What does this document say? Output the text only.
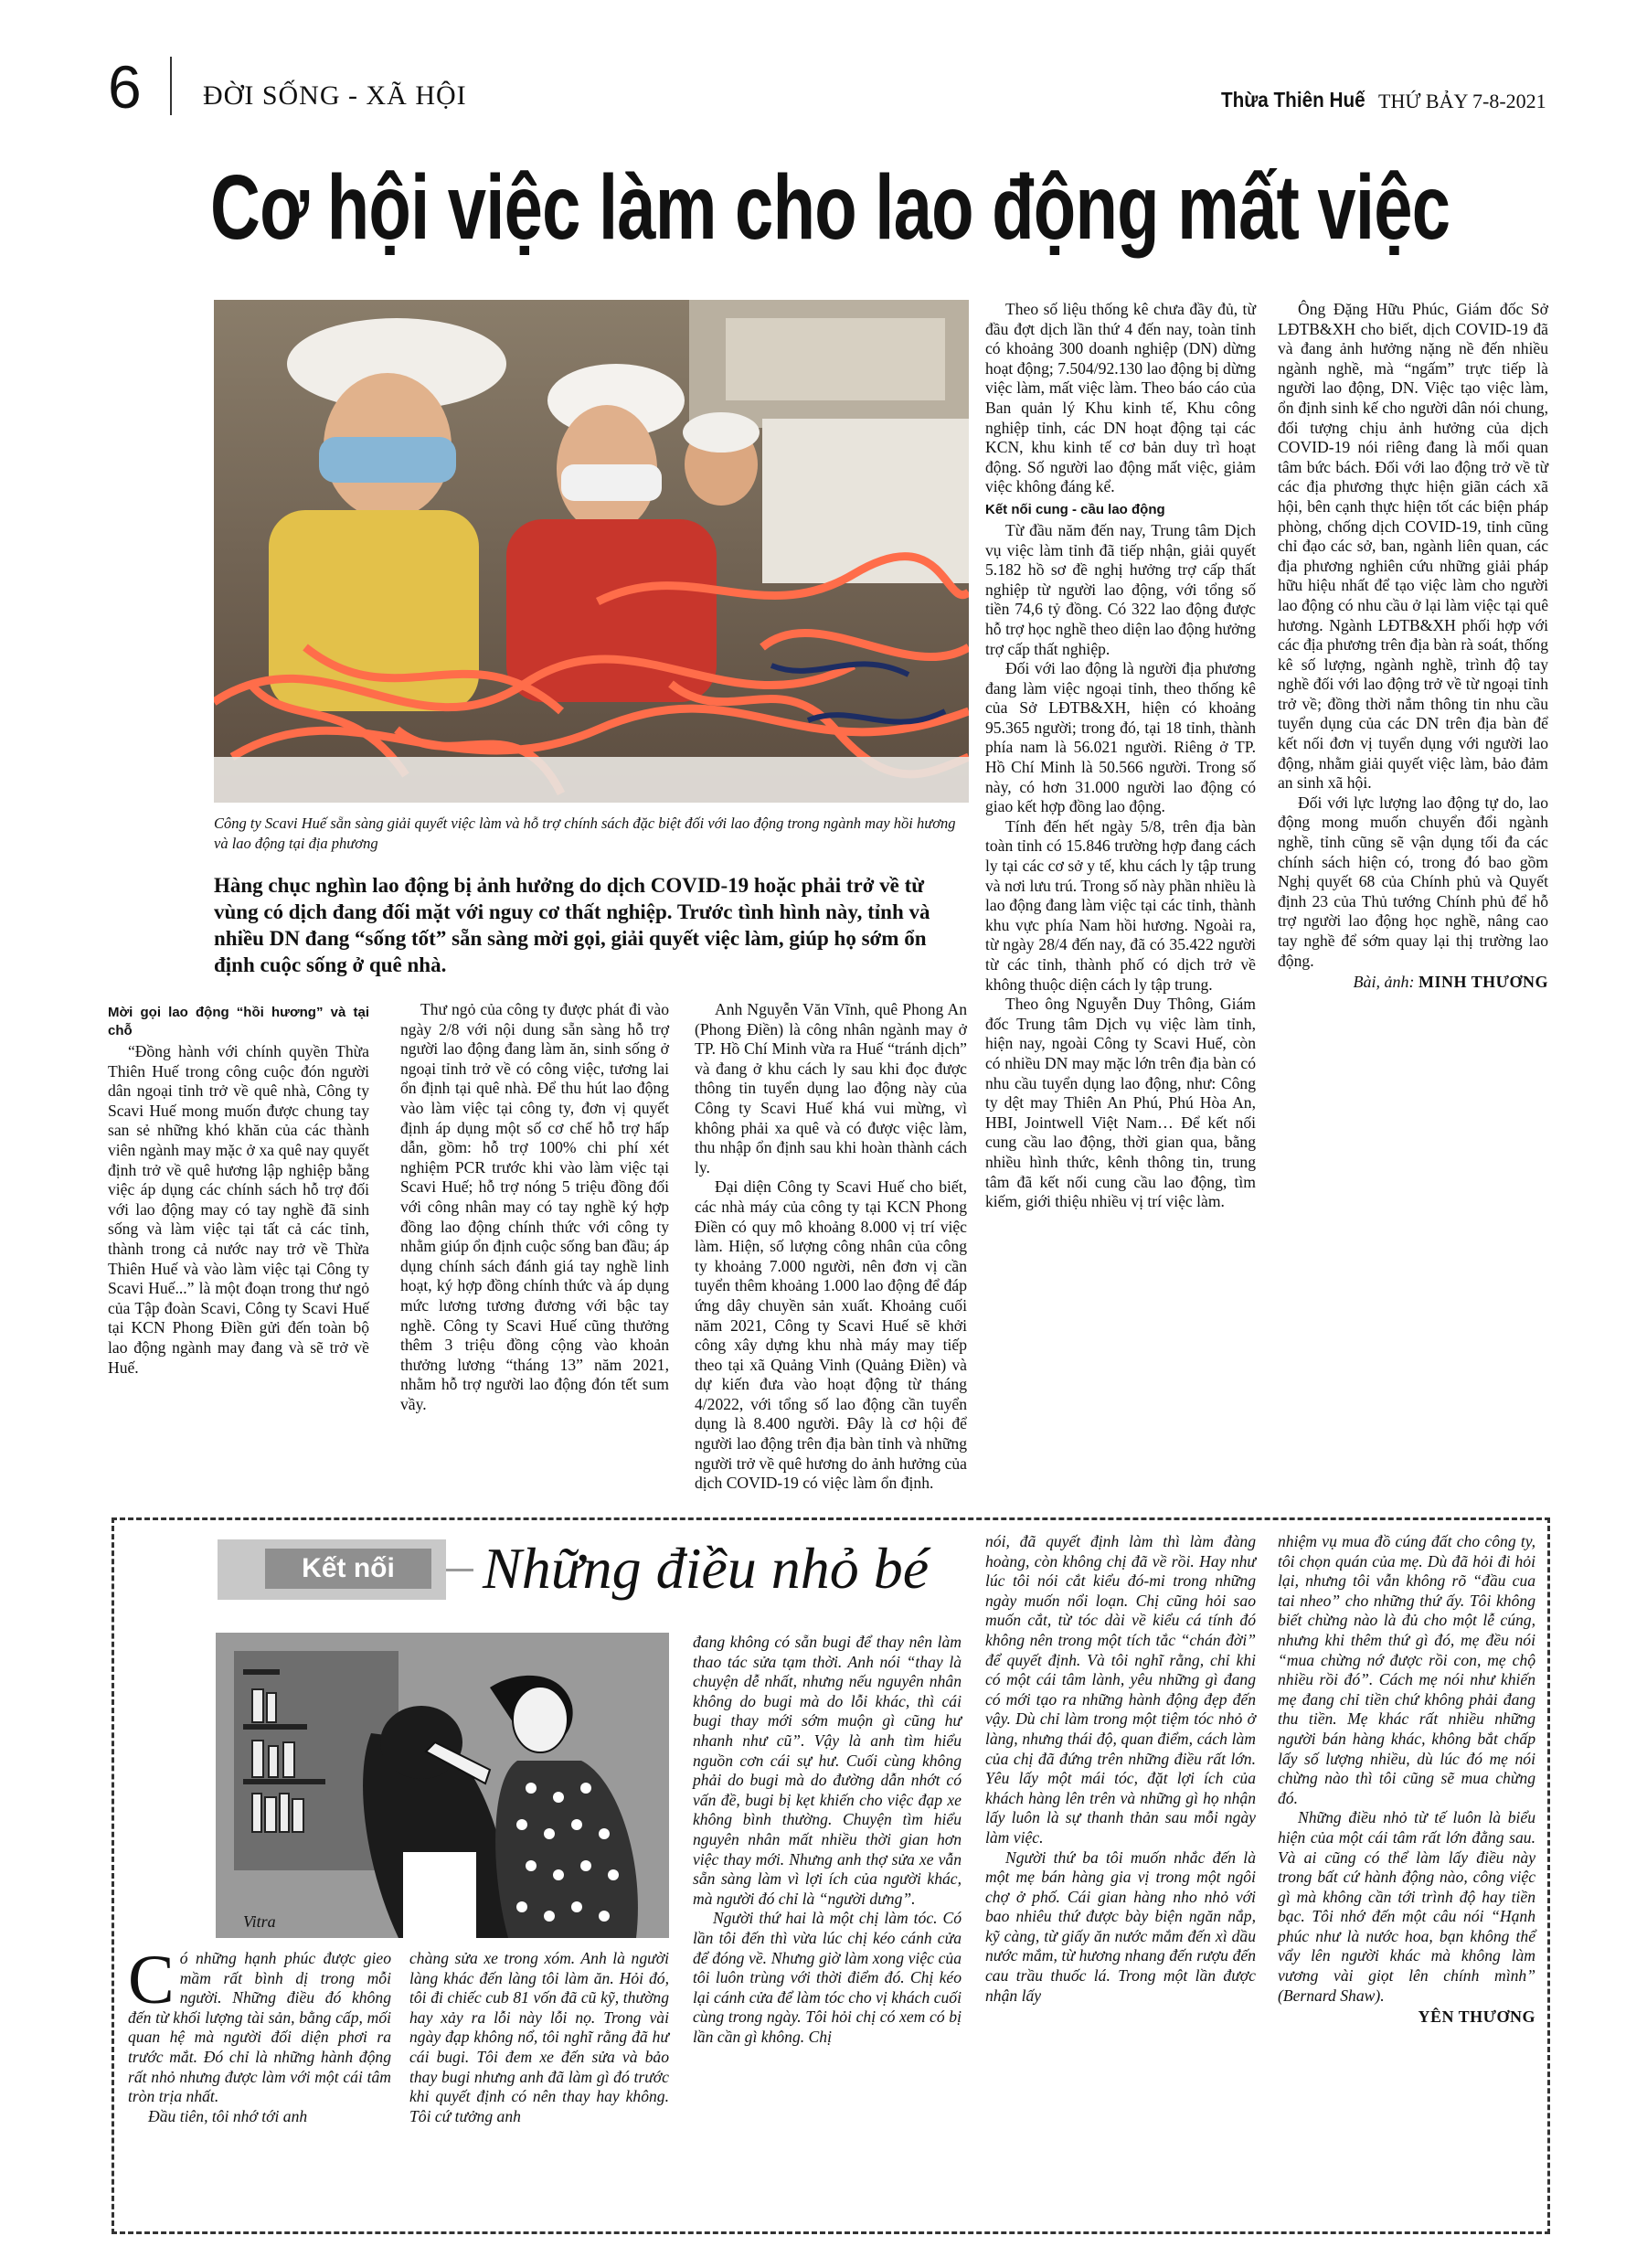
6 ĐỜI SỐNG - XÃ HỘI	Thừa Thiên Huế THỨ BẢY 7-8-2021
Cơ hội việc làm cho lao động mất việc
Công ty Scavi Huế sẵn sàng giải quyết việc làm và hỗ trợ chính sách đặc biệt đối với lao động trong ngành may hồi hương và lao động tại địa phương
Hàng chục nghìn lao động bị ảnh hưởng do dịch COVID-19 hoặc phải trở về từ vùng có dịch đang đối mặt với nguy cơ thất nghiệp. Trước tình hình này, tỉnh và nhiều DN đang “sống tốt” sẵn sàng mời gọi, giải quyết việc làm, giúp họ sớm ổn định cuộc sống ở quê nhà.
Mời gọi lao động “hồi hương” và tại chỗ

“Đồng hành với chính quyền Thừa Thiên Huế trong công cuộc đón người dân ngoại tỉnh trở về quê nhà, Công ty Scavi Huế mong muốn được chung tay san sẻ những khó khăn của các thành viên ngành may mặc ở xa quê nay quyết định trở về quê hương lập nghiệp bằng việc áp dụng các chính sách hỗ trợ đối với lao động may có tay nghề đã sinh sống và làm việc tại tất cả các tỉnh, thành trong cả nước nay trở về Thừa Thiên Huế và vào làm việc tại Công ty Scavi Huế...” là một đoạn trong thư ngỏ của Tập đoàn Scavi, Công ty Scavi Huế tại KCN Phong Điền gửi đến toàn bộ lao động ngành may đang và sẽ trở về Huế.

Thư ngỏ của công ty được phát đi vào ngày 2/8 với nội dung sẵn sàng hỗ trợ người lao động đang làm ăn, sinh sống ở ngoại tỉnh trở về có công việc, tương lai ổn định tại quê nhà. Để thu hút lao động vào làm việc tại công ty, đơn vị quyết định áp dụng một số cơ chế hỗ trợ hấp dẫn, gồm: hỗ trợ 100% chi phí xét nghiệm PCR trước khi vào làm việc tại Scavi Huế; hỗ trợ nóng 5 triệu đồng đối với công nhân may có tay nghề ký hợp đồng lao động chính thức với công ty nhằm giúp ổn định cuộc sống ban đầu; áp dụng chính sách đánh giá tay nghề linh hoạt, ký hợp đồng chính thức và áp dụng mức lương tương đương với bậc tay nghề. Công ty Scavi Huế cũng thưởng thêm 3 triệu đồng cộng vào khoản thưởng lương “tháng 13” năm 2021, nhằm hỗ trợ người lao động đón tết sum vầy.

Anh Nguyễn Văn Vĩnh, quê Phong An (Phong Điền) là công nhân ngành may ở TP. Hồ Chí Minh vừa ra Huế “tránh dịch” và đang ở khu cách ly sau khi đọc được thông tin tuyển dụng lao động này của Công ty Scavi Huế khá vui mừng, vì không phải xa quê và có được việc làm, thu nhập ổn định sau khi hoàn thành cách ly.

Đại diện Công ty Scavi Huế cho biết, các nhà máy của công ty tại KCN Phong Điền có quy mô khoảng 8.000 vị trí việc làm. Hiện, số lượng công nhân của công ty khoảng 7.000 người, nên đơn vị cần tuyển thêm khoảng 1.000 lao động để đáp ứng dây chuyền sản xuất. Khoảng cuối năm 2021, Công ty Scavi Huế sẽ khởi công xây dựng khu nhà máy may tiếp theo tại xã Quảng Vinh (Quảng Điền) và dự kiến đưa vào hoạt động từ tháng 4/2022, với tổng số lao động cần tuyển dụng là 8.400 người. Đây là cơ hội để người lao động trên địa bàn tỉnh và những người trở về quê hương do ảnh hưởng của dịch COVID-19 có việc làm ổn định.

Theo số liệu thống kê chưa đầy đủ, từ đầu đợt dịch lần thứ 4 đến nay, toàn tỉnh có khoảng 300 doanh nghiệp (DN) dừng hoạt động; 7.504/92.130 lao động bị dừng việc làm, mất việc làm. Theo báo cáo của Ban quản lý Khu kinh tế, Khu công nghiệp tỉnh, các DN hoạt động tại các KCN, khu kinh tế cơ bản duy trì hoạt động. Số người lao động mất việc, giảm việc không đáng kể.

Kết nối cung - cầu lao động

Từ đầu năm đến nay, Trung tâm Dịch vụ việc làm tỉnh đã tiếp nhận, giải quyết 5.182 hồ sơ đề nghị hưởng trợ cấp thất nghiệp từ người lao động, với tổng số tiền 74,6 tỷ đồng. Có 322 lao động được hỗ trợ học nghề theo diện lao động hưởng trợ cấp thất nghiệp.

Đối với lao động là người địa phương đang làm việc ngoại tỉnh, theo thống kê của Sở LĐTB&XH, hiện có khoảng 95.365 người; trong đó, tại 18 tỉnh, thành phía nam là 56.021 người. Riêng ở TP. Hồ Chí Minh là 50.566 người. Trong số này, có hơn 31.000 người lao động có giao kết hợp đồng lao động.

Tính đến hết ngày 5/8, trên địa bàn toàn tỉnh có 15.846 trường hợp đang cách ly tại các cơ sở y tế, khu cách ly tập trung và nơi lưu trú. Trong số này phần nhiều là lao động đang làm việc tại các tỉnh, thành khu vực phía Nam hồi hương. Ngoài ra, từ ngày 28/4 đến nay, đã có 35.422 người từ các tỉnh, thành phố có dịch trở về không thuộc diện cách ly tập trung.

Theo ông Nguyễn Duy Thông, Giám đốc Trung tâm Dịch vụ việc làm tỉnh, hiện nay, ngoài Công ty Scavi Huế, còn có nhiều DN may mặc lớn trên địa bàn có nhu cầu tuyển dụng lao động, như: Công ty dệt may Thiên An Phú, Phú Hòa An, HBI, Jointwell Việt Nam… Để kết nối cung cầu lao động, thời gian qua, bằng nhiều hình thức, kênh thông tin, trung tâm đã kết nối cung cầu lao động, tìm kiếm, giới thiệu nhiều vị trí việc làm.

Ông Đặng Hữu Phúc, Giám đốc Sở LĐTB&XH cho biết, dịch COVID-19 đã và đang ảnh hưởng nặng nề đến nhiều ngành nghề, mà “ngấm” trực tiếp là người lao động, DN. Việc tạo việc làm, ổn định sinh kế cho người dân nói chung, đối tượng chịu ảnh hưởng của dịch COVID-19 nói riêng đang là mối quan tâm bức bách. Đối với lao động trở về từ các địa phương thực hiện giãn cách xã hội, bên cạnh thực hiện tốt các biện pháp phòng, chống dịch COVID-19, tỉnh cũng chỉ đạo các sở, ban, ngành liên quan, các địa phương nghiên cứu những giải pháp hữu hiệu nhất để tạo việc làm cho người lao động có nhu cầu ở lại làm việc tại quê hương. Ngành LĐTB&XH phối hợp với các địa phương trên địa bàn rà soát, thống kê số lượng, ngành nghề, trình độ tay nghề đối với lao động trở về từ ngoại tỉnh trở về; đồng thời nắm thông tin nhu cầu tuyển dụng của các DN trên địa bàn để kết nối đơn vị tuyển dụng với người lao động, nhằm giải quyết việc làm, bảo đảm an sinh xã hội.

Đối với lực lượng lao động tự do, lao động mong muốn chuyển đổi ngành nghề, tỉnh cũng sẽ vận dụng tối đa các chính sách hiện có, trong đó bao gồm Nghị quyết 68 của Chính phủ và Quyết định 23 của Thủ tướng Chính phủ để hỗ trợ người lao động học nghề, nâng cao tay nghề để sớm quay lại thị trường lao động.

Bài, ảnh: MINH THƯƠNG
Kết nối	Những điều nhỏ bé
Vitra

Có những hạnh phúc được gieo mầm rất bình dị trong mỗi người. Những điều đó không đến từ khối lượng tài sản, bằng cấp, mối quan hệ mà người đối diện phơi ra trước mắt. Đó chỉ là những hành động rất nhỏ nhưng được làm với một cái tâm tròn trịa nhất.

Đầu tiên, tôi nhớ tới anh

chàng sửa xe trong xóm. Anh là người làng khác đến làng tôi làm ăn. Hỏi đó, tôi đi chiếc cub 81 vốn đã cũ kỹ, thường hay xảy ra lỗi này lỗi nọ. Trong vài ngày đạp không nổ, tôi nghĩ rằng đã hư cái bugi. Tôi đem xe đến sửa và bảo thay bugi nhưng anh đã làm gì đó trước khi quyết định có nên thay hay không. Tôi cứ tưởng anh

đang không có sẵn bugi để thay nên làm thao tác sửa tạm thời. Anh nói “thay là chuyện dễ nhất, nhưng nếu nguyên nhân không do bugi mà do lỗi khác, thì cái bugi thay mới sớm muộn gì cũng hư nhanh như cũ”. Vậy là anh tìm hiểu nguồn cơn cái sự hư. Cuối cùng không phải do bugi mà do đường dẫn nhớt có vấn đề, bugi bị kẹt khiến cho việc đạp xe không bình thường. Chuyện tìm hiểu nguyên nhân mất nhiều thời gian hơn việc thay mới. Nhưng anh thợ sửa xe vẫn sẵn sàng làm vì lợi ích của người khác, mà người đó chỉ là “người dưng”.

Người thứ hai là một chị làm tóc. Có lần tôi đến thì vừa lúc chị kéo cánh cửa để đóng về. Nhưng giờ làm xong việc của tôi luôn trùng với thời điểm đó. Chị kéo lại cánh cửa để làm tóc cho vị khách cuối cùng trong ngày. Tôi hỏi chị có xem có bị lần cần gì không. Chị

nói, đã quyết định làm thì làm đàng hoàng, còn không chị đã về rồi. Hay như lúc tôi nói cắt kiểu đó-mi trong những ngày muốn nổi loạn. Chị cũng hỏi sao muốn cắt, từ tóc dài về kiểu cá tính đó không nên trong một tích tắc “chán đời” để quyết định. Và tôi nghĩ rằng, chỉ khi có một cái tâm lành, yêu những gì đang có mới tạo ra những hành động đẹp đến vậy. Dù chỉ làm trong một tiệm tóc nhỏ ở làng, nhưng thái độ, quan điểm, cách làm của chị đã đứng trên những điều rất lớn. Yêu lấy một mái tóc, đặt lợi ích của khách hàng lên trên và những gì họ nhận lấy luôn là sự thanh thản sau mỗi ngày làm việc.

Người thứ ba tôi muốn nhắc đến là một mẹ bán hàng gia vị trong một ngôi chợ ở phố. Cái gian hàng nho nhỏ với bao nhiêu thứ được bày biện ngăn nắp, kỹ càng, từ giấy ăn nước mắm đến xì dầu nước mắm, từ hương nhang đến rượu đến cau trầu thuốc lá. Trong một lần được nhận lấy

nhiệm vụ mua đồ cúng đất cho công ty, tôi chọn quán của mẹ. Dù đã hỏi đi hỏi lại, nhưng tôi vẫn không rõ “đầu cua tai nheo” cho những thứ ấy. Tôi không biết chừng nào là đủ cho một lễ cúng, nhưng khi thêm thứ gì đó, mẹ đều nói “mua chừng nớ được rồi con, mẹ chộ nhiều rồi đó”. Cách mẹ nói như khiến mẹ đang chỉ tiền chứ không phải đang thu tiền. Mẹ khác rất nhiều những người bán hàng khác, không bắt chấp lấy số lượng nhiều, dù lúc đó mẹ nói chừng nào thì tôi cũng sẽ mua chừng đó.

Những điều nhỏ từ tế luôn là biểu hiện của một cái tâm rất lớn đằng sau. Và ai cũng có thể làm lấy điều này trong bất cứ hành động nào, công việc gì mà không cần tới trình độ hay tiền bạc. Tôi nhớ đến một câu nói “Hạnh phúc như là nước hoa, bạn không thể vẩy lên người khác mà không làm vương vài giọt lên chính mình” (Bernard Shaw).

YÊN THƯƠNG
